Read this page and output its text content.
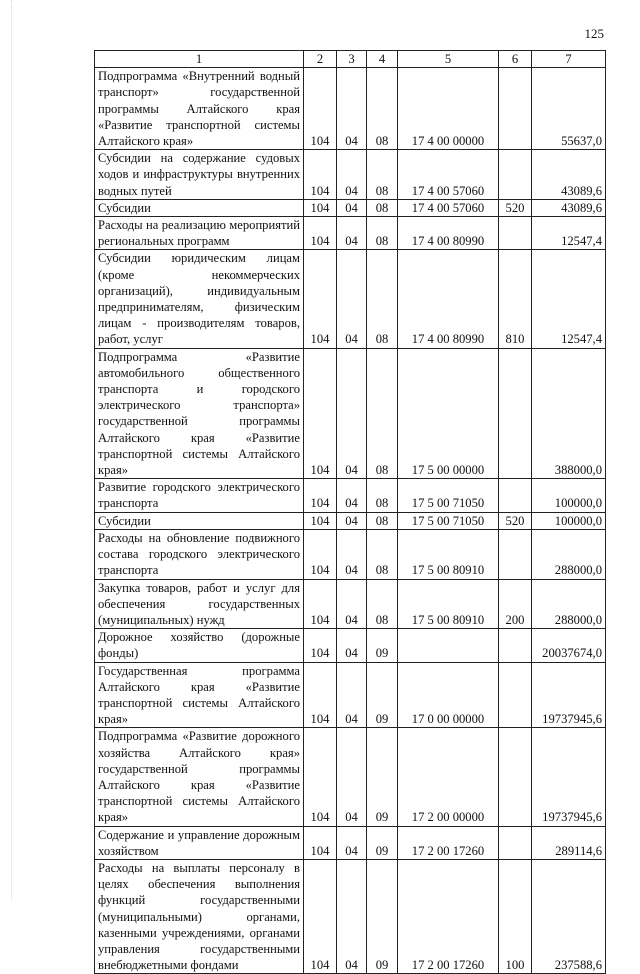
125
1	2	3	4	5	6	7
Подпрограмма «Внутренний водный транспорт» государственной программы Алтайского края «Развитие транспортной системы Алтайского края»	104	04	08	17 4 00 00000		55637,0
Субсидии на содержание судовых ходов и инфраструктуры внутренних водных путей	104	04	08	17 4 00 57060		43089,6
Субсидии	104	04	08	17 4 00 57060	520	43089,6
Расходы на реализацию мероприятий региональных программ	104	04	08	17 4 00 80990		12547,4
Субсидии юридическим лицам (кроме некоммерческих организаций), индивидуальным предпринимателям, физическим лицам - производителям товаров, работ, услуг	104	04	08	17 4 00 80990	810	12547,4
Подпрограмма «Развитие автомобильного общественного транспорта и городского электрического транспорта» государственной программы Алтайского края «Развитие транспортной системы Алтайского края»	104	04	08	17 5 00 00000		388000,0
Развитие городского электрического транспорта	104	04	08	17 5 00 71050		100000,0
Субсидии	104	04	08	17 5 00 71050	520	100000,0
Расходы на обновление подвижного состава городского электрического транспорта	104	04	08	17 5 00 80910		288000,0
Закупка товаров, работ и услуг для обеспечения государственных (муниципальных) нужд	104	04	08	17 5 00 80910	200	288000,0
Дорожное хозяйство (дорожные фонды)	104	04	09			20037674,0
Государственная программа Алтайского края «Развитие транспортной системы Алтайского края»	104	04	09	17 0 00 00000		19737945,6
Подпрограмма «Развитие дорожного хозяйства Алтайского края» государственной программы Алтайского края «Развитие транспортной системы Алтайского края»	104	04	09	17 2 00 00000		19737945,6
Содержание и управление дорожным хозяйством	104	04	09	17 2 00 17260		289114,6
Расходы на выплаты персоналу в целях обеспечения выполнения функций государственными (муниципальными) органами, казенными учреждениями, органами управления государственными внебюджетными фондами	104	04	09	17 2 00 17260	100	237588,6
